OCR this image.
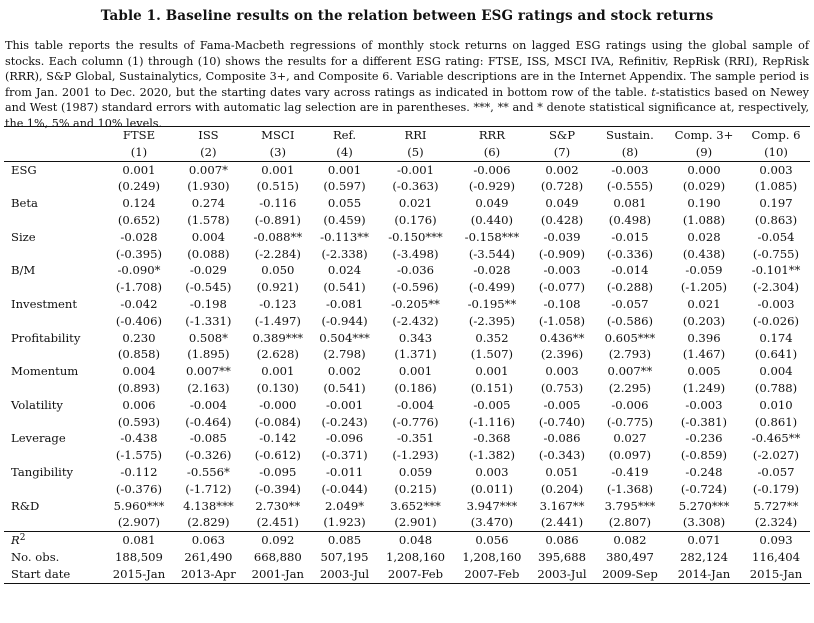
Table 1. Baseline results on the relation between ESG ratings and stock returns
This table reports the results of Fama-Macbeth regressions of monthly stock returns on lagged ESG ratings using the global sample of stocks. Each column (1) through (10) shows the results for a different ESG rating: FTSE, ISS, MSCI IVA, Refinitiv, RepRisk (RRI), RepRisk (RRR), S&P Global, Sustainalytics, Composite 3+, and Composite 6. Variable descriptions are in the Internet Appendix. The sample period is from Jan. 2001 to Dec. 2020, but the starting dates vary across ratings as indicated in bottom row of the table. t-statistics based on Newey and West (1987) standard errors with automatic lag selection are in parentheses. ***, ** and * denote statistical significance at, respectively, the 1%, 5% and 10% levels.
	FTSE	ISS	MSCI	Ref.	RRI	RRR	S&P	Sustain.	Comp. 3+	Comp. 6
	(1)	(2)	(3)	(4)	(5)	(6)	(7)	(8)	(9)	(10)
ESG	0.001	0.007*	0.001	0.001	-0.001	-0.006	0.002	-0.003	0.000	0.003
	(0.249)	(1.930)	(0.515)	(0.597)	(-0.363)	(-0.929)	(0.728)	(-0.555)	(0.029)	(1.085)
Beta	0.124	0.274	-0.116	0.055	0.021	0.049	0.049	0.081	0.190	0.197
	(0.652)	(1.578)	(-0.891)	(0.459)	(0.176)	(0.440)	(0.428)	(0.498)	(1.088)	(0.863)
Size	-0.028	0.004	-0.088**	-0.113**	-0.150***	-0.158***	-0.039	-0.015	0.028	-0.054
	(-0.395)	(0.088)	(-2.284)	(-2.338)	(-3.498)	(-3.544)	(-0.909)	(-0.336)	(0.438)	(-0.755)
B/M	-0.090*	-0.029	0.050	0.024	-0.036	-0.028	-0.003	-0.014	-0.059	-0.101**
	(-1.708)	(-0.545)	(0.921)	(0.541)	(-0.596)	(-0.499)	(-0.077)	(-0.288)	(-1.205)	(-2.304)
Investment	-0.042	-0.198	-0.123	-0.081	-0.205**	-0.195**	-0.108	-0.057	0.021	-0.003
	(-0.406)	(-1.331)	(-1.497)	(-0.944)	(-2.432)	(-2.395)	(-1.058)	(-0.586)	(0.203)	(-0.026)
Profitability	0.230	0.508*	0.389***	0.504***	0.343	0.352	0.436**	0.605***	0.396	0.174
	(0.858)	(1.895)	(2.628)	(2.798)	(1.371)	(1.507)	(2.396)	(2.793)	(1.467)	(0.641)
Momentum	0.004	0.007**	0.001	0.002	0.001	0.001	0.003	0.007**	0.005	0.004
	(0.893)	(2.163)	(0.130)	(0.541)	(0.186)	(0.151)	(0.753)	(2.295)	(1.249)	(0.788)
Volatility	0.006	-0.004	-0.000	-0.001	-0.004	-0.005	-0.005	-0.006	-0.003	0.010
	(0.593)	(-0.464)	(-0.084)	(-0.243)	(-0.776)	(-1.116)	(-0.740)	(-0.775)	(-0.381)	(0.861)
Leverage	-0.438	-0.085	-0.142	-0.096	-0.351	-0.368	-0.086	0.027	-0.236	-0.465**
	(-1.575)	(-0.326)	(-0.612)	(-0.371)	(-1.293)	(-1.382)	(-0.343)	(0.097)	(-0.859)	(-2.027)
Tangibility	-0.112	-0.556*	-0.095	-0.011	0.059	0.003	0.051	-0.419	-0.248	-0.057
	(-0.376)	(-1.712)	(-0.394)	(-0.044)	(0.215)	(0.011)	(0.204)	(-1.368)	(-0.724)	(-0.179)
R&D	5.960***	4.138***	2.730**	2.049*	3.652***	3.947***	3.167**	3.795***	5.270***	5.727**
	(2.907)	(2.829)	(2.451)	(1.923)	(2.901)	(3.470)	(2.441)	(2.807)	(3.308)	(2.324)
$R^2$	0.081	0.063	0.092	0.085	0.048	0.056	0.086	0.082	0.071	0.093
No. obs.	188,509	261,490	668,880	507,195	1,208,160	1,208,160	395,688	380,497	282,124	116,404
Start date	2015-Jan	2013-Apr	2001-Jan	2003-Jul	2007-Feb	2007-Feb	2003-Jul	2009-Sep	2014-Jan	2015-Jan
